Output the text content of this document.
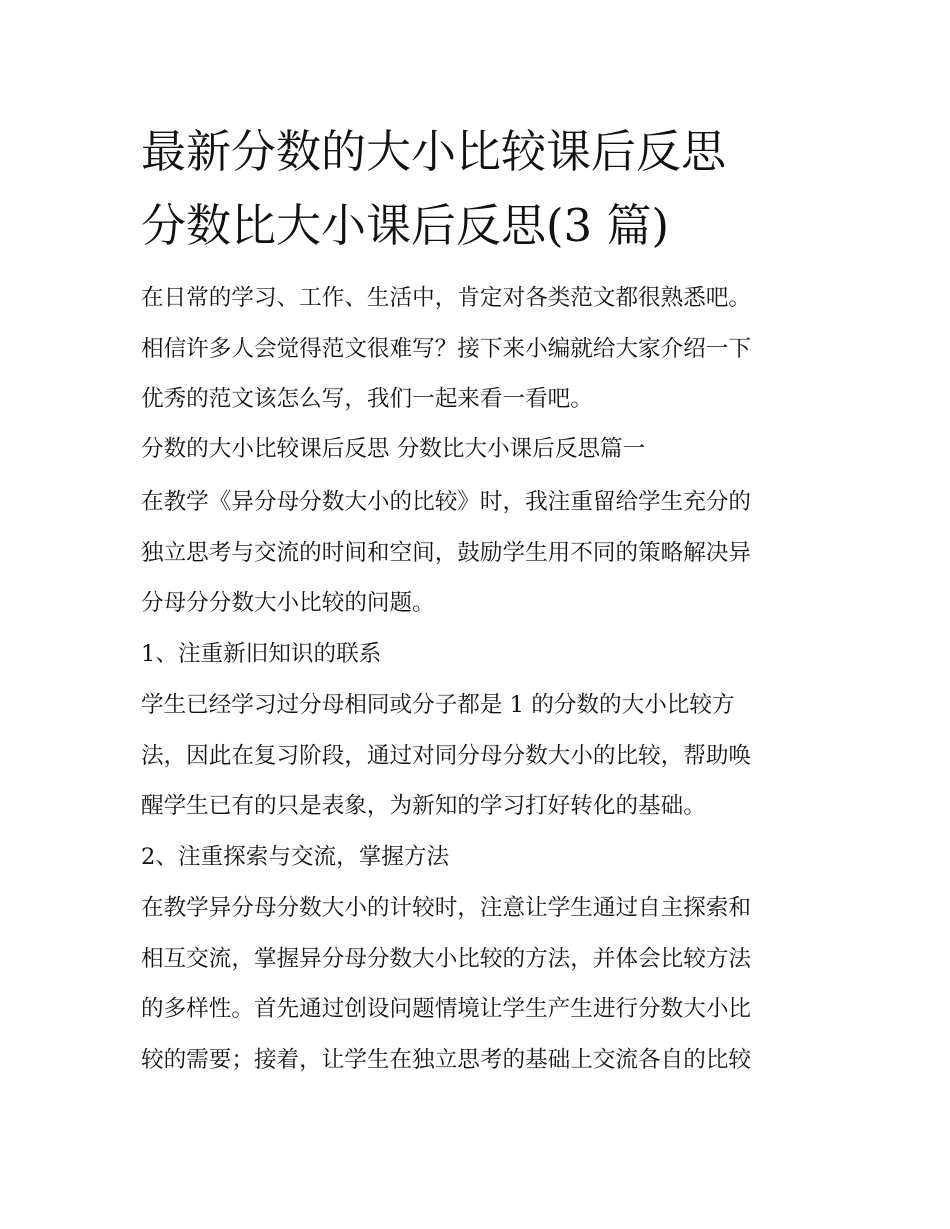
最新分数的大小比较课后反思
分数比大小课后反思(3 篇)
在日常的学习、工作、生活中，肯定对各类范文都很熟悉吧。
相信许多人会觉得范文很难写？接下来小编就给大家介绍一下
优秀的范文该怎么写，我们一起来看一看吧。
分数的大小比较课后反思 分数比大小课后反思篇一
在教学《异分母分数大小的比较》时，我注重留给学生充分的
独立思考与交流的时间和空间，鼓励学生用不同的策略解决异
分母分分数大小比较的问题。
1、注重新旧知识的联系
学生已经学习过分母相同或分子都是 1 的分数的大小比较方
法，因此在复习阶段，通过对同分母分数大小的比较，帮助唤
醒学生已有的只是表象，为新知的学习打好转化的基础。
2、注重探索与交流，掌握方法
在教学异分母分数大小的计较时，注意让学生通过自主探索和
相互交流，掌握异分母分数大小比较的方法，并体会比较方法
的多样性。首先通过创设问题情境让学生产生进行分数大小比
较的需要；接着，让学生在独立思考的基础上交流各自的比较
